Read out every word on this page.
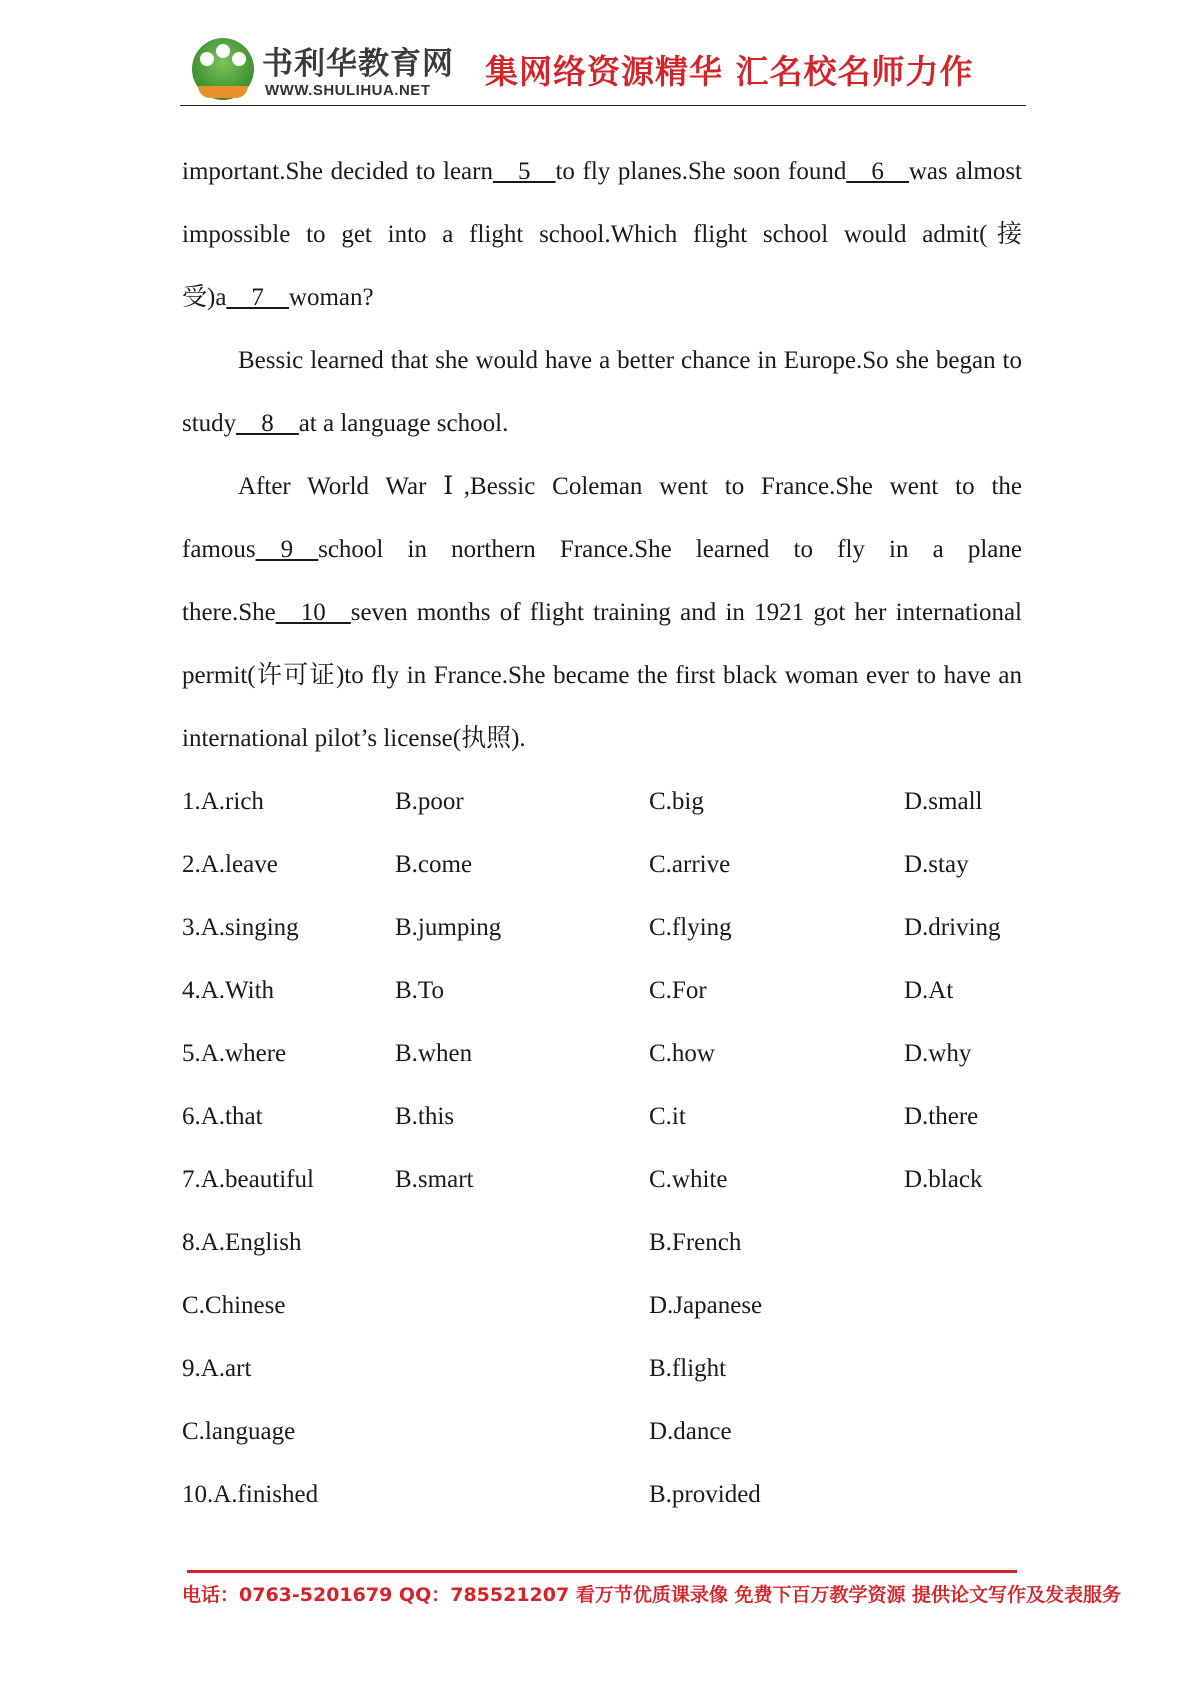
书利华教育网
WWW.SHULIHUA.NET 集网络资源精华 汇名校名师力作

important.She decided to learn__5__to fly planes.She soon found__6__was almost impossible to get into a flight school.Which flight school would admit(接受)a__7__woman?

Bessic learned that she would have a better chance in Europe.So she began to study__8__at a language school.

After World War Ⅰ,Bessic Coleman went to France.She went to the famous__9__school in northern France.She learned to fly in a plane there.She__10__seven months of flight training and in 1921 got her international permit(许可证)to fly in France.She became the first black woman ever to have an international pilot’s license(执照).

1.A.rich	B.poor	C.big	D.small
2.A.leave	B.come	C.arrive	D.stay
3.A.singing	B.jumping	C.flying	D.driving
4.A.With	B.To	C.For	D.At
5.A.where	B.when	C.how	D.why
6.A.that	B.this	C.it	D.there
7.A.beautiful	B.smart	C.white	D.black
8.A.English	B.French
C.Chinese	D.Japanese
9.A.art	B.flight
C.language	D.dance
10.A.finished	B.provided
电话：0763-5201679 QQ：785521207 看万节优质课录像 免费下百万教学资源 提供论文写作及发表服务
